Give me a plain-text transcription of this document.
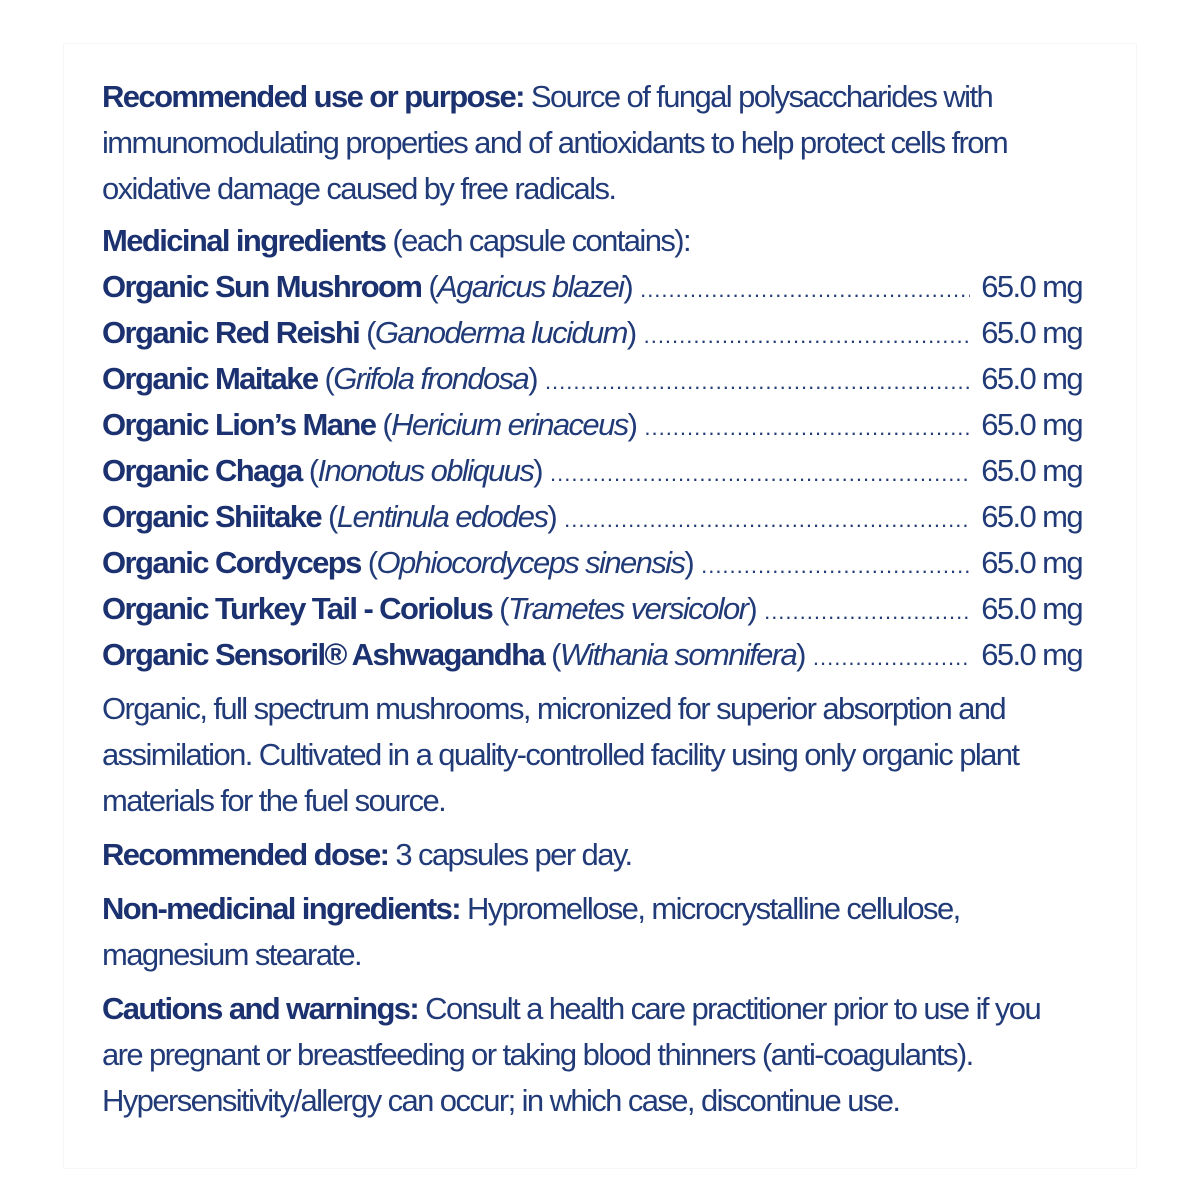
Recommended use or purpose: Source of fungal polysaccharides with immunomodulating properties and of antioxidants to help protect cells from oxidative damage caused by free radicals.

Medicinal ingredients (each capsule contains):

Organic Sun Mushroom (Agaricus blazei) .....	65.0 mg
Organic Red Reishi (Ganoderma lucidum) .....	65.0 mg
Organic Maitake (Grifola frondosa) .....	65.0 mg
Organic Lion’s Mane (Hericium erinaceus) .....	65.0 mg
Organic Chaga (Inonotus obliquus) .....	65.0 mg
Organic Shiitake (Lentinula edodes) .....	65.0 mg
Organic Cordyceps (Ophiocordyceps sinensis) .....	65.0 mg
Organic Turkey Tail - Coriolus (Trametes versicolor) .....	65.0 mg
Organic Sensoril® Ashwagandha (Withania somnifera) .....	65.0 mg

Organic, full spectrum mushrooms, micronized for superior absorption and assimilation. Cultivated in a quality-controlled facility using only organic plant materials for the fuel source.

Recommended dose: 3 capsules per day.

Non-medicinal ingredients: Hypromellose, microcrystalline cellulose, magnesium stearate.

Cautions and warnings: Consult a health care practitioner prior to use if you are pregnant or breastfeeding or taking blood thinners (anti-coagulants). Hypersensitivity/allergy can occur; in which case, discontinue use.
